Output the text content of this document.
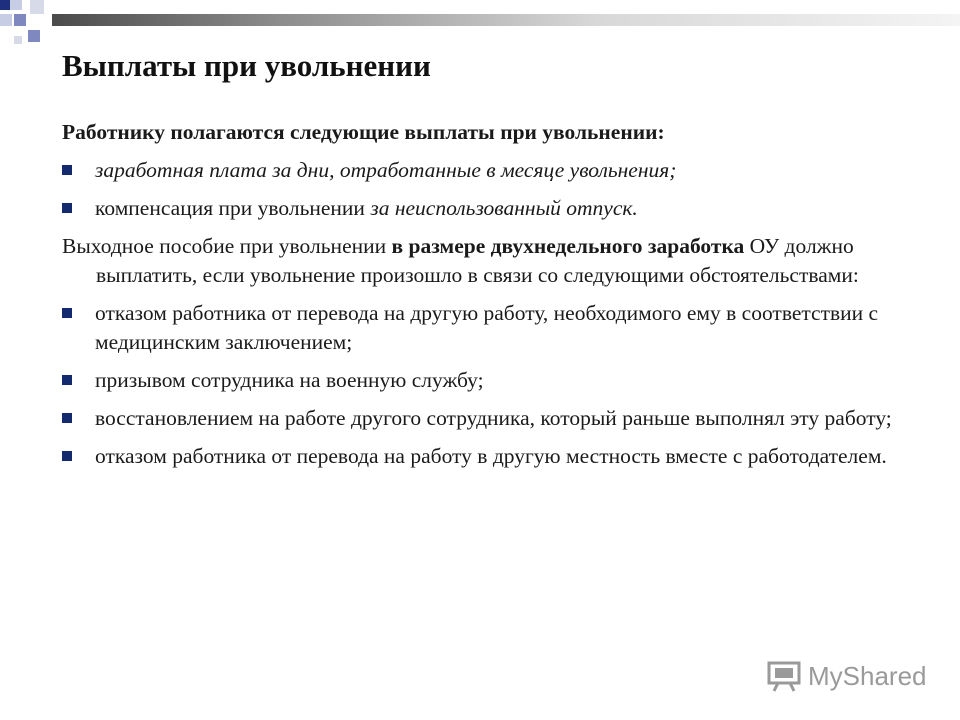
Выплаты при увольнении

Работнику полагаются следующие выплаты при увольнении:

заработная плата за дни, отработанные в месяце увольнения;
компенсация при увольнении за неиспользованный отпуск.

Выходное пособие при увольнении в размере двухнедельного заработка ОУ должно выплатить, если увольнение произошло в связи со следующими обстоятельствами:

отказом работника от перевода на другую работу, необходимого ему в соответствии с медицинским заключением;
призывом сотрудника на военную службу;
восстановлением на работе другого сотрудника, который раньше выполнял эту работу;
отказом работника от перевода на работу в другую местность вместе с работодателем.
MyShared
